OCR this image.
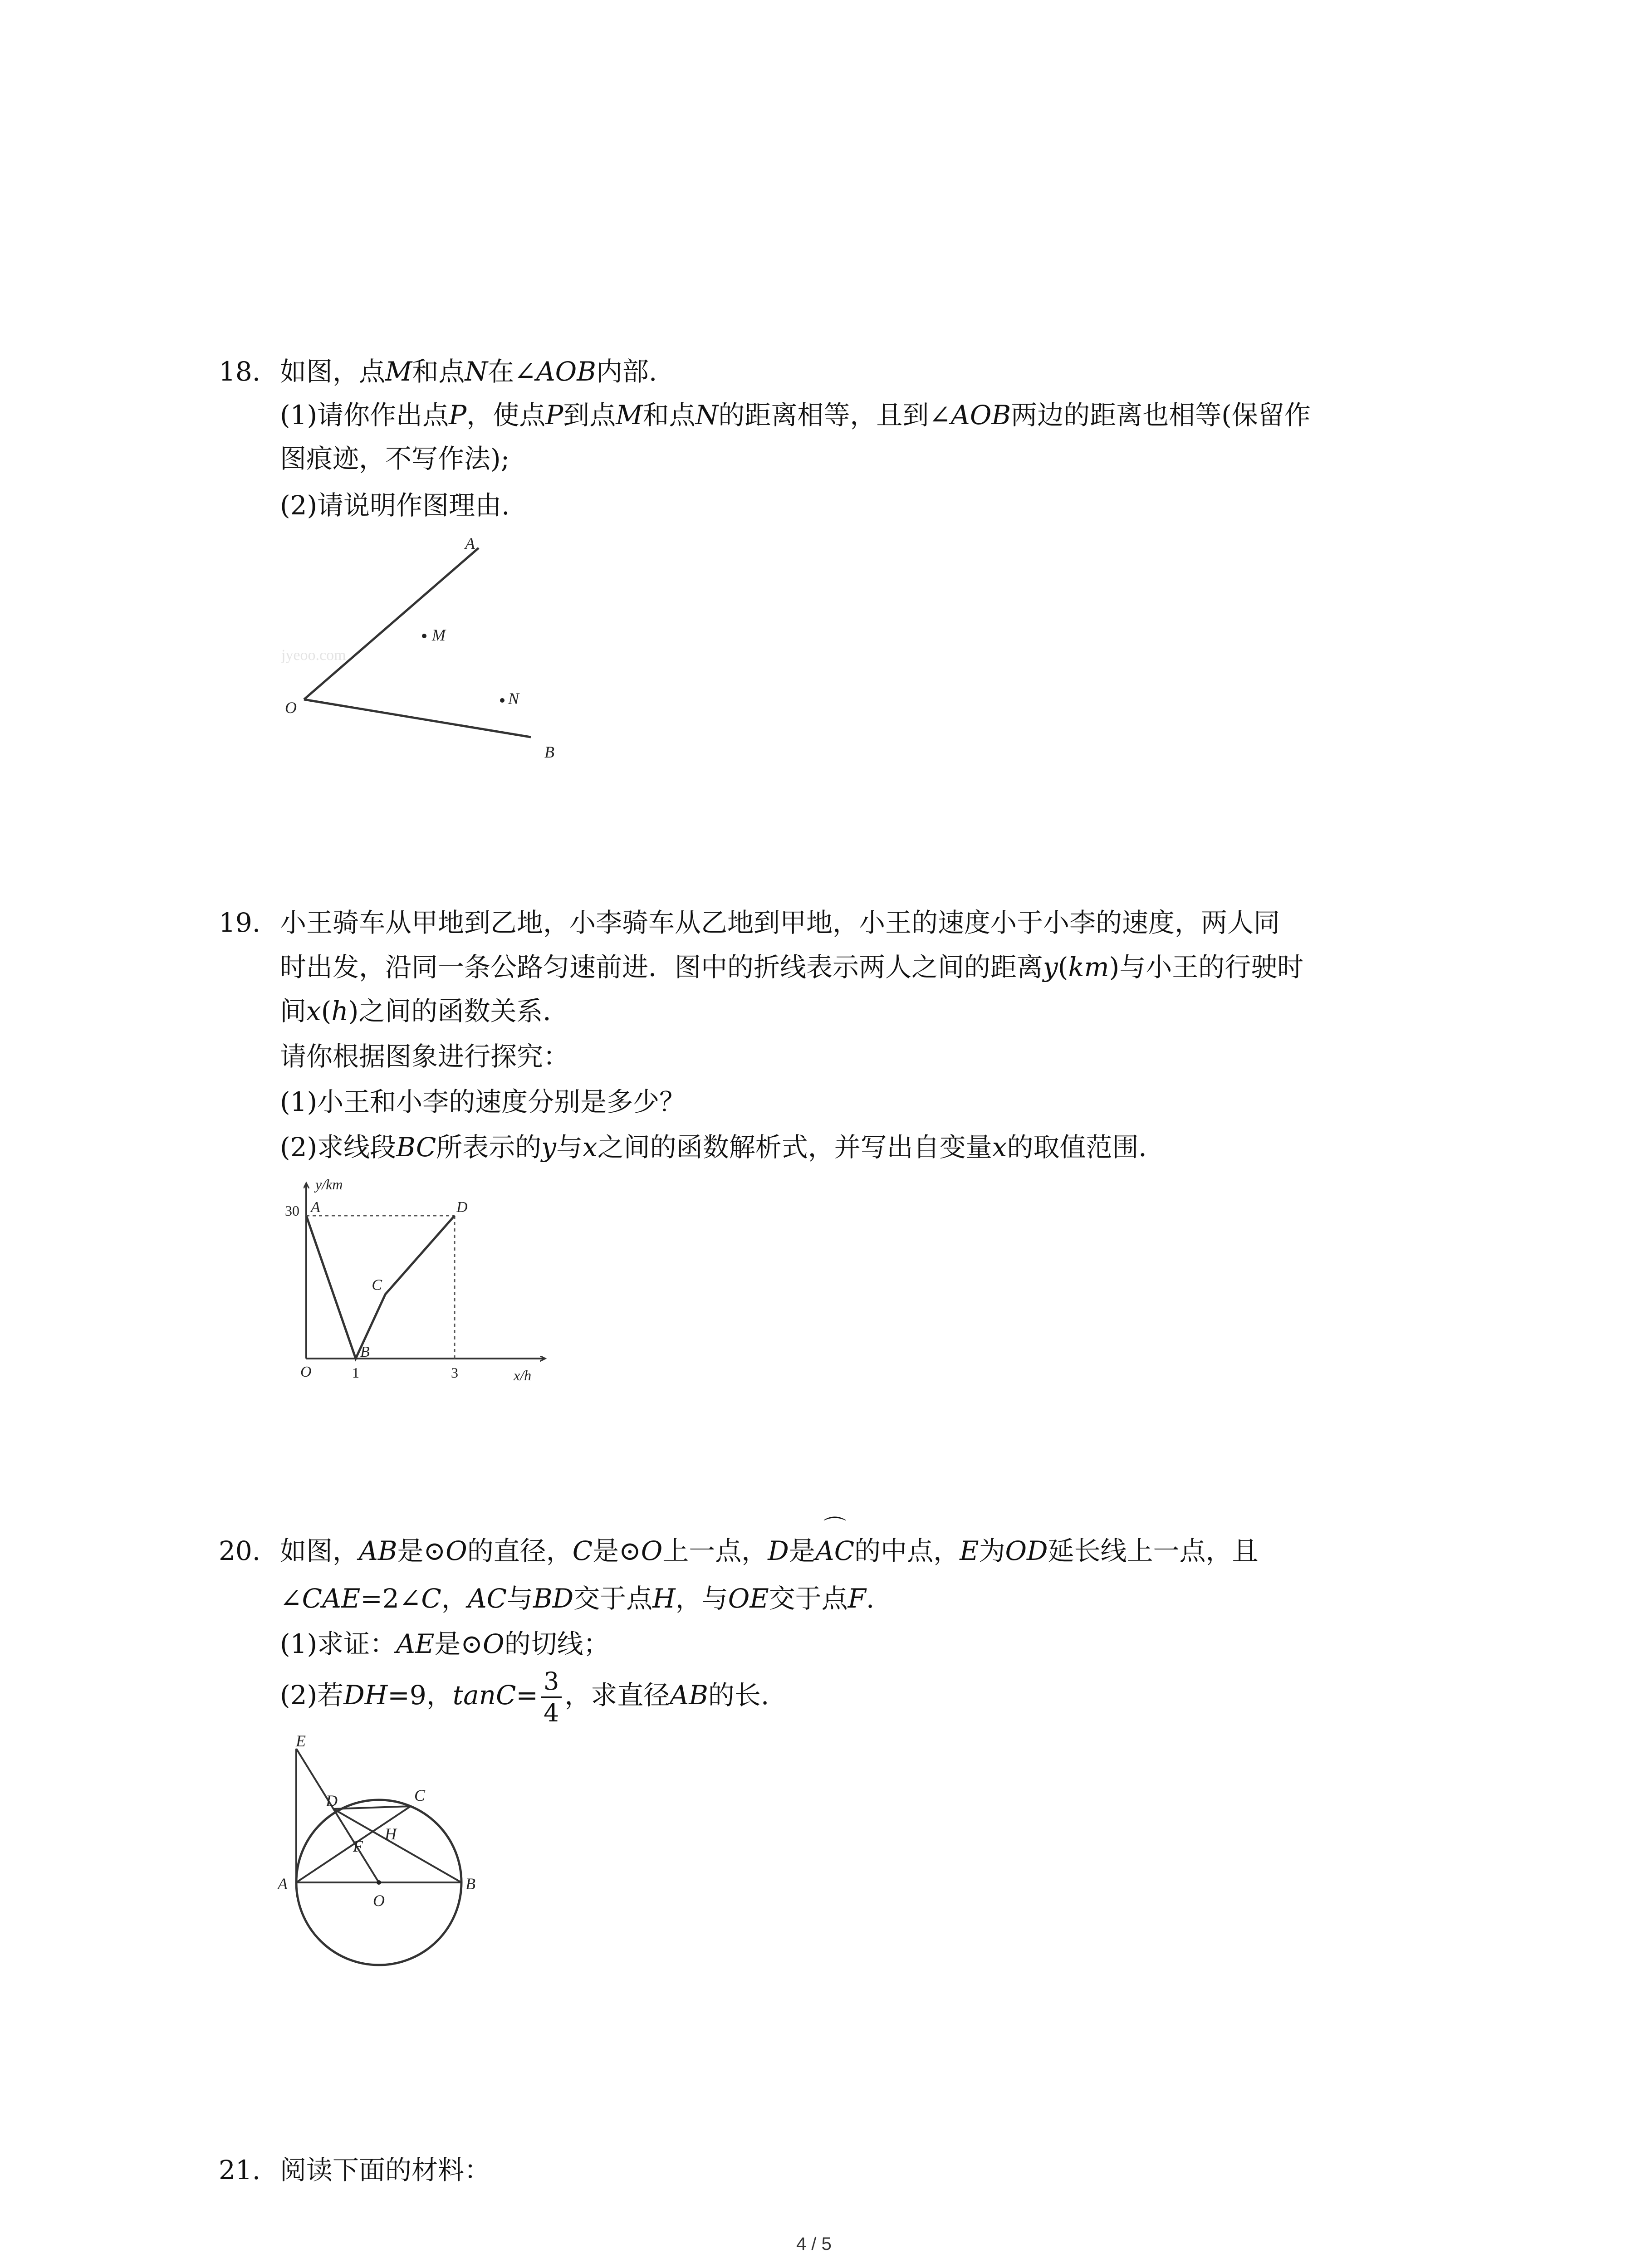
18. 如图，点M和点N在∠AOB内部.
(1)请你作出点P，使点P到点M和点N的距离相等，且到∠AOB两边的距离也相等(保留作
图痕迹，不写作法);
(2)请说明作图理由.
jyeoo.com
A
M
O	N
B
19. 小王骑车从甲地到乙地，小李骑车从乙地到甲地，小王的速度小于小李的速度，两人同
时出发，沿同一条公路匀速前进．图中的折线表示两人之间的距离y(km)与小王的行驶时
间x(h)之间的函数关系．
请你根据图象进行探究：
(1)小王和小李的速度分别是多少？
(2)求线段BC所表示的y与x之间的函数解析式，并写出自变量x的取值范围．
y/km
x/h
O
30
1	3
A
B
C
D
20. 如图，AB是⊙O的直径，C是⊙O上一点，D是
⌒
AC的中点，E为OD延长线上一点，且
∠CAE=2∠C，AC与BD交于点H，与OE交于点F.
(1)求证：AE是⊙O的切线；
(2)若DH=9，$\tan C= \frac{3}{4}$ ，求直径AB的长.
E
D	C
H
F
A
O
B
21. 阅读下面的材料：
4 / 5
